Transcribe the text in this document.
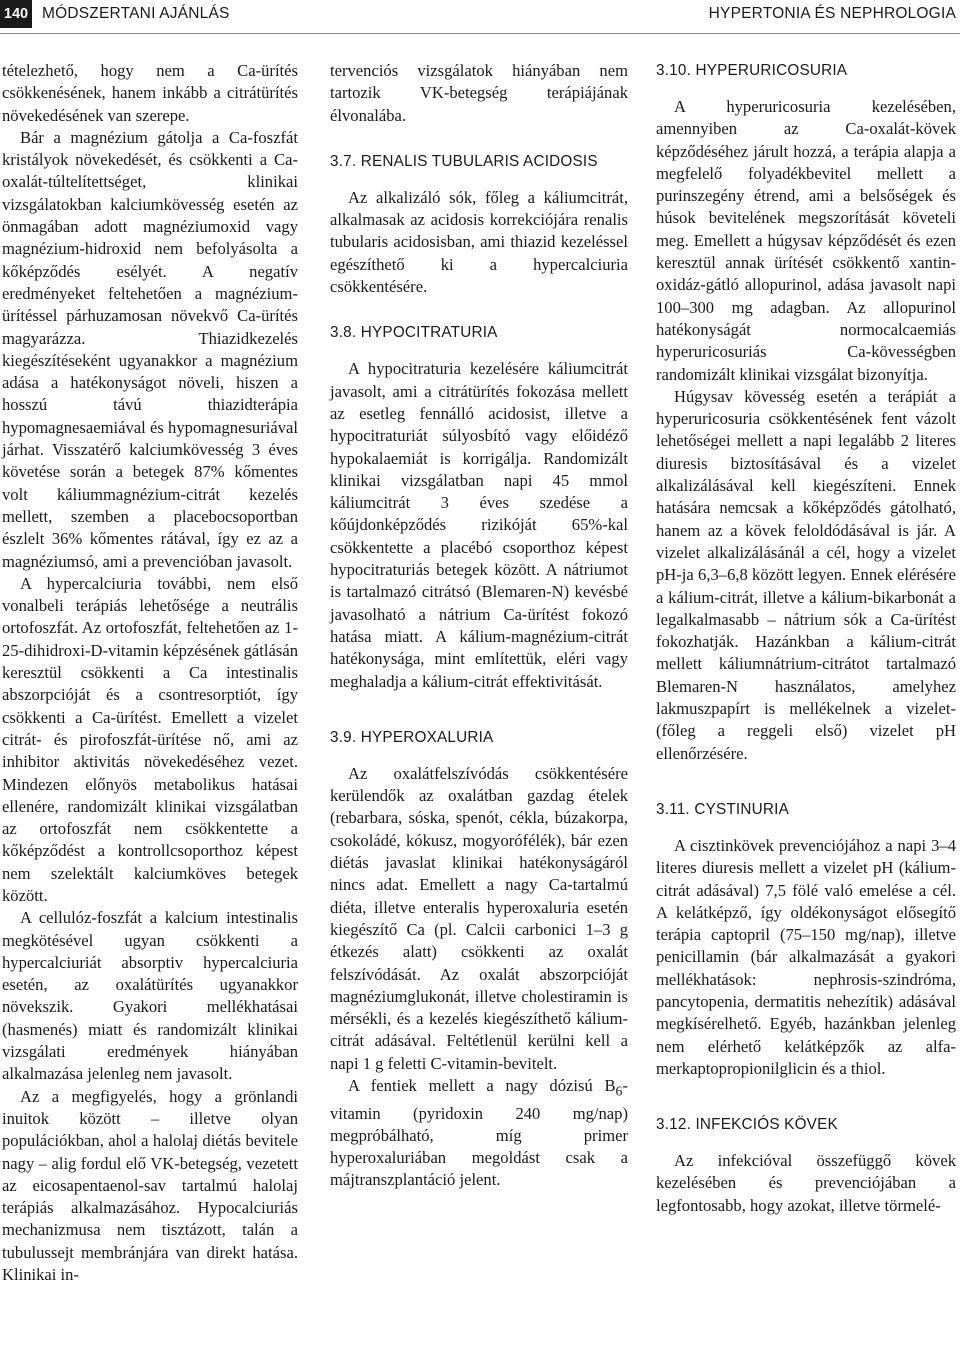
140 MÓDSZERTANI AJÁNLÁS	HYPERTONIA ÉS NEPHROLOGIA

tételezhető, hogy nem a Ca-ürítés csökkenésének, hanem inkább a citrátürítés növekedésének van szerepe.

Bár a magnézium gátolja a Ca-foszfát kristályok növekedését, és csökkenti a Ca-oxalát-túltelítettséget, klinikai vizsgálatokban kalciumkövesség esetén az önmagában adott magnéziumoxid vagy magnézium-hidroxid nem befolyásolta a kőképződés esélyét. A negatív eredményeket feltehetően a magnézium-ürítéssel párhuzamosan növekvő Ca-ürítés magyarázza. Thiazidkezelés kiegészítéseként ugyanakkor a magnézium adása a hatékonyságot növeli, hiszen a hosszú távú thiazidterápia hypomagnesaemiával és hypomagnesuriával járhat. Visszatérő kalciumkövesség 3 éves követése során a betegek 87% kőmentes volt káliummagnézium-citrát kezelés mellett, szemben a placebocsoportban észlelt 36% kőmentes rátával, így ez az a magnéziumsó, ami a prevencióban javasolt.

A hypercalciuria további, nem első vonalbeli terápiás lehetősége a neutrális ortofoszfát. Az ortofoszfát, feltehetően az 1-25-dihidroxi-D-vitamin képzésének gátlásán keresztül csökkenti a Ca intestinalis abszorpcióját és a csontresorptiót, így csökkenti a Ca-ürítést. Emellett a vizelet citrát- és pirofoszfát-ürítése nő, ami az inhibitor aktivitás növekedéséhez vezet. Mindezen előnyös metabolikus hatásai ellenére, randomizált klinikai vizsgálatban az ortofoszfát nem csökkentette a kőképződést a kontrollcsoporthoz képest nem szelektált kalciumköves betegek között.

A cellulóz-foszfát a kalcium intestinalis megkötésével ugyan csökkenti a hypercalciuriát absorptiv hypercalciuria esetén, az oxalátürítés ugyanakkor növekszik. Gyakori mellékhatásai (hasmenés) miatt és randomizált klinikai vizsgálati eredmények hiányában alkalmazása jelenleg nem javasolt.

Az a megfigyelés, hogy a grönlandi inuitok között – illetve olyan populációkban, ahol a halolaj diétás bevitele nagy – alig fordul elő VK-betegség, vezetett az eicosapentaenol-sav tartalmú halolaj terápiás alkalmazásához. Hypocalciuriás mechanizmusa nem tisztázott, talán a tubulussejt membránjára van direkt hatása. Klinikai in-

tervenciós vizsgálatok hiányában nem tartozik VK-betegség terápiájának élvonalába.

3.7. RENALIS TUBULARIS ACIDOSIS

Az alkalizáló sók, főleg a káliumcitrát, alkalmasak az acidosis korrekciójára renalis tubularis acidosisban, ami thiazid kezeléssel egészíthető ki a hypercalciuria csökkentésére.

3.8. HYPOCITRATURIA

A hypocitraturia kezelésére káliumcitrát javasolt, ami a citrátürítés fokozása mellett az esetleg fennálló acidosist, illetve a hypocitraturiát súlyosbító vagy előidéző hypokalaemiát is korrigálja. Randomizált klinikai vizsgálatban napi 45 mmol káliumcitrát 3 éves szedése a kőújdonképződés rizikóját 65%-kal csökkentette a placébó csoporthoz képest hypocitraturiás betegek között. A nátriumot is tartalmazó citrátsó (Blemaren-N) kevésbé javasolható a nátrium Ca-ürítést fokozó hatása miatt. A kálium-magnézium-citrát hatékonysága, mint említettük, eléri vagy meghaladja a kálium-citrát effektivitását.

3.9. HYPEROXALURIA

Az oxalátfelszívódás csökkentésére kerülendők az oxalátban gazdag ételek (rebarbara, sóska, spenót, cékla, búzakorpa, csokoládé, kókusz, mogyorófélék), bár ezen diétás javaslat klinikai hatékonyságáról nincs adat. Emellett a nagy Ca-tartalmú diéta, illetve enteralis hyperoxaluria esetén kiegészítő Ca (pl. Calcii carbonici 1–3 g étkezés alatt) csökkenti az oxalát felszívódását. Az oxalát abszorpcióját magnéziumglukonát, illetve cholestiramin is mérsékli, és a kezelés kiegészíthető kálium-citrát adásával. Feltétlenül kerülni kell a napi 1 g feletti C-vitamin-bevitelt.

A fentiek mellett a nagy dózisú $B_6$-vitamin (pyridoxin 240 mg/nap) megpróbálható, míg primer hyperoxaluriában megoldást csak a májtranszplantáció jelent.

3.10. HYPERURICOSURIA

A hyperuricosuria kezelésében, amennyiben az Ca-oxalát-kövek képződéséhez járult hozzá, a terápia alapja a megfelelő folyadékbevitel mellett a purinszegény étrend, ami a belsőségek és húsok bevitelének megszorítását követeli meg. Emellett a húgysav képződését és ezen keresztül annak ürítését csökkentő xantin-oxidáz-gátló allopurinol, adása javasolt napi 100–300 mg adagban. Az allopurinol hatékonyságát normocalcaemiás hyperuricosuriás Ca-kövességben randomizált klinikai vizsgálat bizonyítja.

Húgysav kövesség esetén a terápiát a hyperuricosuria csökkentésének fent vázolt lehetőségei mellett a napi legalább 2 literes diuresis biztosításával és a vizelet alkalizálásával kell kiegészíteni. Ennek hatására nemcsak a kőképződés gátolható, hanem az a kövek feloldódásával is jár. A vizelet alkalizálásánál a cél, hogy a vizelet pH-ja 6,3–6,8 között legyen. Ennek elérésére a kálium-citrát, illetve a kálium-bikarbonát a legalkalmasabb – nátrium sók a Ca-ürítést fokozhatják. Hazánkban a kálium-citrát mellett káliumnátrium-citrátot tartalmazó Blemaren-N használatos, amelyhez lakmuszpapírt is mellékelnek a vizelet- (főleg a reggeli első) vizelet pH ellenőrzésére.

3.11. CYSTINURIA

A cisztinkövek prevenciójához a napi 3–4 literes diuresis mellett a vizelet pH (kálium-citrát adásával) 7,5 fölé való emelése a cél. A kelátképző, így oldékonyságot elősegítő terápia captopril (75–150 mg/nap), illetve penicillamin (bár alkalmazását a gyakori mellékhatások: nephrosis-szindróma, pancytopenia, dermatitis nehezítik) adásával megkísérelhető. Egyéb, hazánkban jelenleg nem elérhető kelátképzők az alfa-merkaptopropionilglicin és a thiol.

3.12. INFEKCIÓS KÖVEK

Az infekcióval összefüggő kövek kezelésében és prevenciójában a legfontosabb, hogy azokat, illetve törmelé-
